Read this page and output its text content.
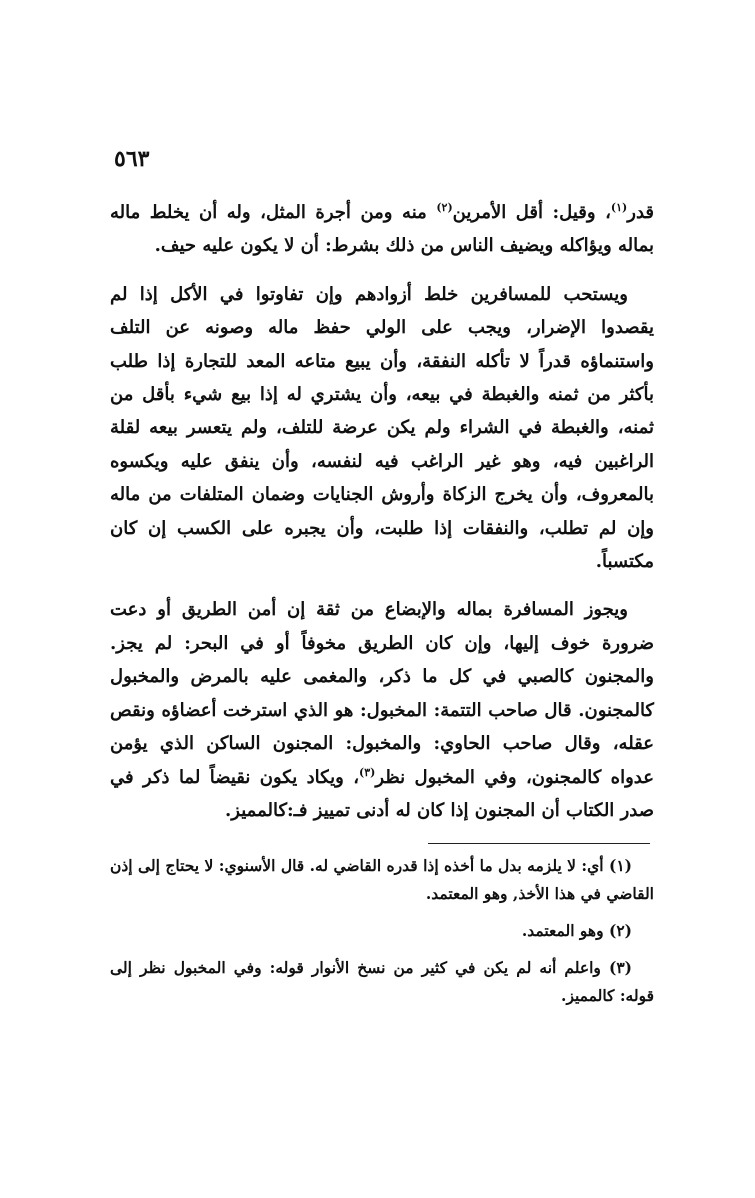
٥٦٣

قدر$^{(١)}$، وقيل: أقل الأمرين$^{(٢)}$ منه ومن أجرة المثل، وله أن يخلط ماله بماله ويؤاكله ويضيف الناس من ذلك بشرط: أن لا يكون عليه حيف.

ويستحب للمسافرين خلط أزوادهم وإن تفاوتوا في الأكل إذا لم يقصدوا الإضرار، ويجب على الولي حفظ ماله وصونه عن التلف واستنماؤه قدراً لا تأكله النفقة، وأن يبيع متاعه المعد للتجارة إذا طلب بأكثر من ثمنه والغبطة في بيعه، وأن يشتري له إذا بيع شيء بأقل من ثمنه، والغبطة في الشراء ولم يكن عرضة للتلف، ولم يتعسر بيعه لقلة الراغبين فيه، وهو غير الراغب فيه لنفسه، وأن ينفق عليه ويكسوه بالمعروف، وأن يخرج الزكاة وأروش الجنايات وضمان المتلفات من ماله وإن لم تطلب، والنفقات إذا طلبت، وأن يجبره على الكسب إن كان مكتسباً.

ويجوز المسافرة بماله والإبضاع من ثقة إن أمن الطريق أو دعت ضرورة خوف إليها، وإن كان الطريق مخوفاً أو في البحر: لم يجز. والمجنون كالصبي في كل ما ذكر، والمغمى عليه بالمرض والمخبول كالمجنون. قال صاحب التتمة: المخبول: هو الذي استرخت أعضاؤه ونقص عقله، وقال صاحب الحاوي: والمخبول: المجنون الساكن الذي يؤمن عدواه كالمجنون، وفي المخبول نظر$^{(٣)}$، ويكاد يكون نقيضاً لما ذكر في صدر الكتاب أن المجنون إذا كان له أدنى تمييز فـ:كالمميز.

(١) أي: لا يلزمه بدل ما أخذه إذا قدره القاضي له. قال الأسنوي: لا يحتاج إلى إذن القاضي في هذا الأخذ, وهو المعتمد.

(٢) وهو المعتمد.

(٣) واعلم أنه لم يكن في كثير من نسخ الأنوار قوله: وفي المخبول نظر إلى قوله: كالمميز.
